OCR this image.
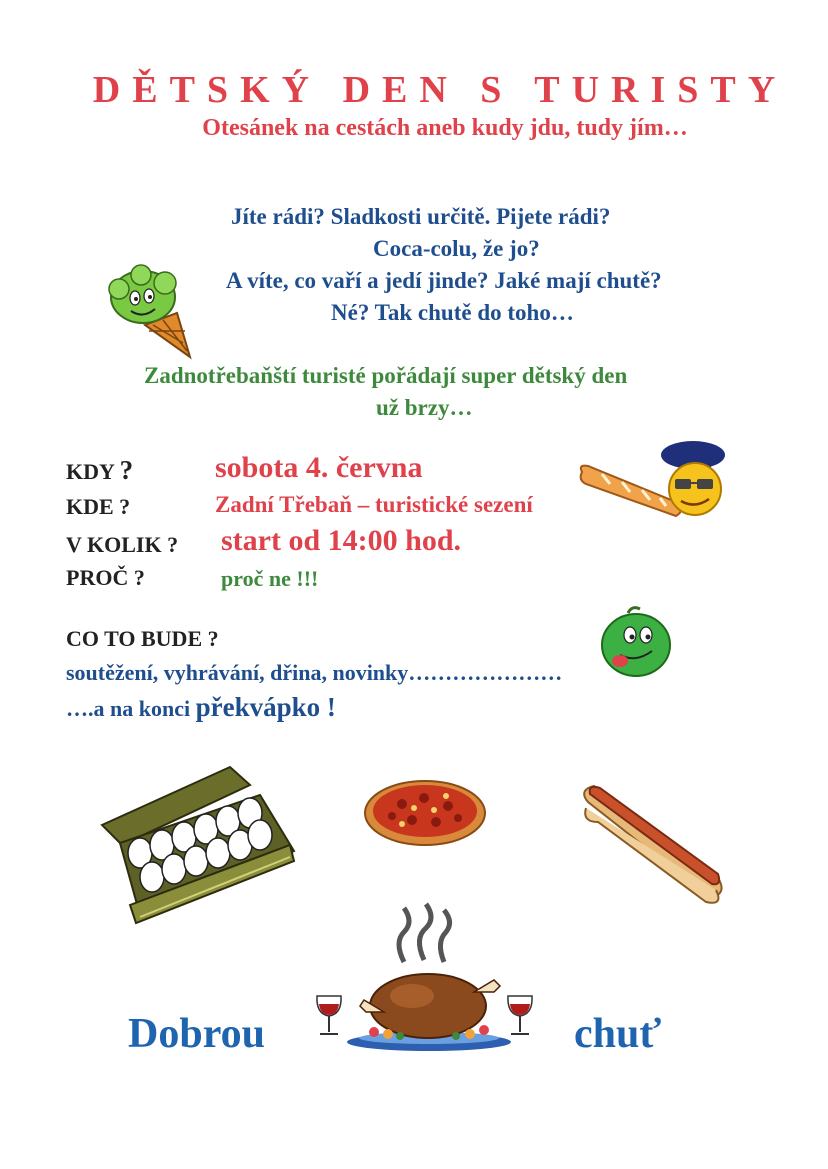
DĚTSKÝ DEN S TURISTY
Otesánek na cestách aneb kudy jdu, tudy jím…
Jíte rádi? Sladkosti určitě. Pijete rádi?
Coca-colu, že jo?
A víte, co vaří a jedí jinde? Jaké mají chutě?
Né? Tak chutě do toho…
Zadnotřebaňští turisté pořádají super dětský den
už brzy…
KDY ?	sobota 4. června
KDE ?	Zadní Třebaň – turistické sezení
V KOLIK ? start od 14:00 hod.
PROČ ?	proč ne !!!
CO TO BUDE ?
soutěžení, vyhrávání, dřina, novinky…………………
….a na konci překvápko !
Dobrou	chuť
